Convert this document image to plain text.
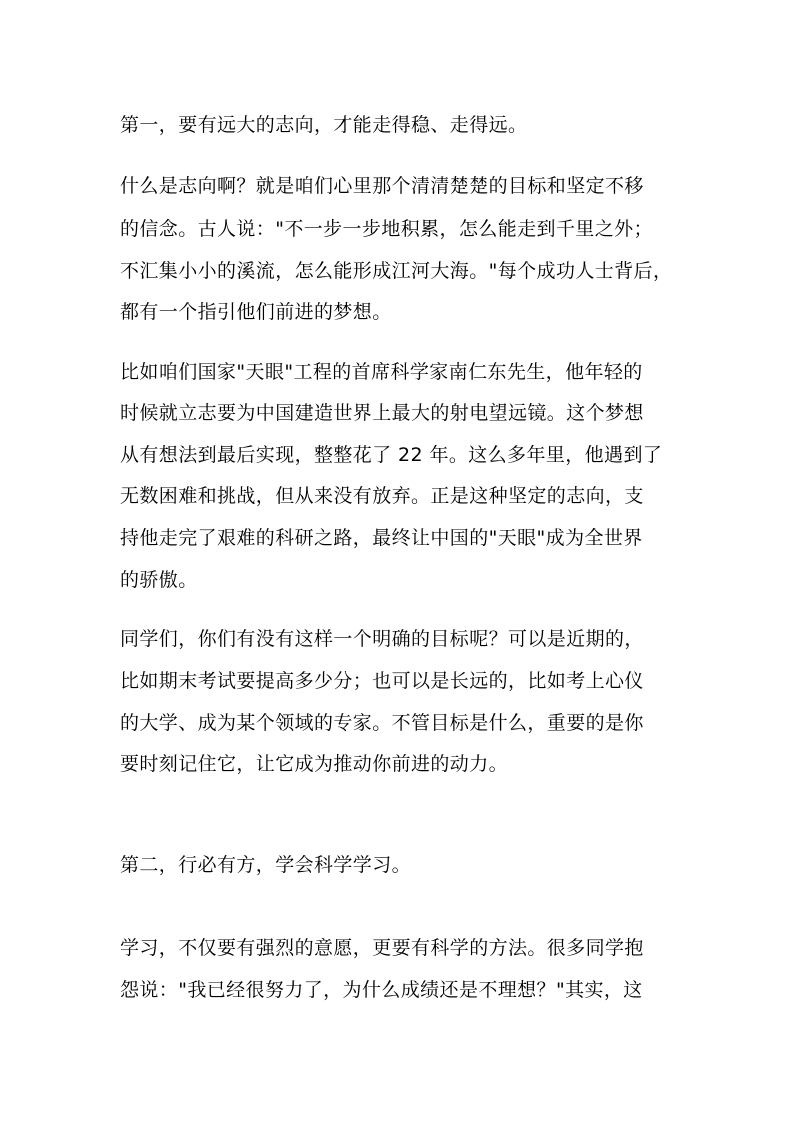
第一，要有远大的志向，才能走得稳、走得远。
什么是志向啊？就是咱们心里那个清清楚楚的目标和坚定不移
的信念。古人说："不一步一步地积累，怎么能走到千里之外；
不汇集小小的溪流，怎么能形成江河大海。"每个成功人士背后，
都有一个指引他们前进的梦想。
比如咱们国家"天眼"工程的首席科学家南仁东先生，他年轻的
时候就立志要为中国建造世界上最大的射电望远镜。这个梦想
从有想法到最后实现，整整花了 22 年。这么多年里，他遇到了
无数困难和挑战，但从来没有放弃。正是这种坚定的志向，支
持他走完了艰难的科研之路，最终让中国的"天眼"成为全世界
的骄傲。
同学们，你们有没有这样一个明确的目标呢？可以是近期的，
比如期末考试要提高多少分；也可以是长远的，比如考上心仪
的大学、成为某个领域的专家。不管目标是什么，重要的是你
要时刻记住它，让它成为推动你前进的动力。
第二，行必有方，学会科学学习。
学习，不仅要有强烈的意愿，更要有科学的方法。很多同学抱
怨说："我已经很努力了，为什么成绩还是不理想？"其实，这
